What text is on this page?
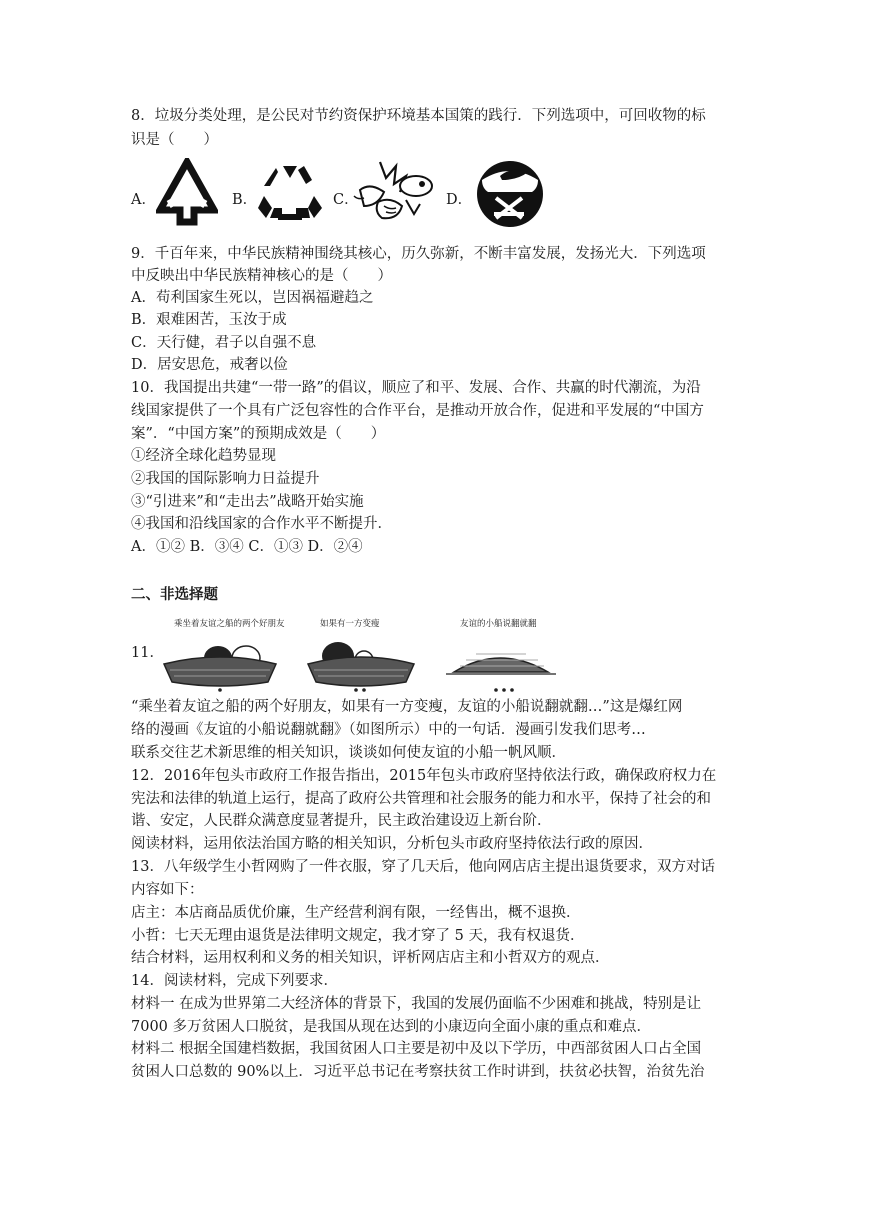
8．垃圾分类处理，是公民对节约资保护环境基本国策的践行．下列选项中，可回收物的标
识是（　　）
A．	B．	C．	D．
9．千百年来，中华民族精神围绕其核心，历久弥新，不断丰富发展，发扬光大．下列选项
中反映出中华民族精神核心的是（　　）
A．苟利国家生死以，岂因祸福避趋之
B．艰难困苦，玉汝于成
C．天行健，君子以自强不息
D．居安思危，戒奢以俭
10．我国提出共建“一带一路”的倡议，顺应了和平、发展、合作、共赢的时代潮流，为沿
线国家提供了一个具有广泛包容性的合作平台，是推动开放合作，促进和平发展的“中国方
案”．“中国方案”的预期成效是（　　）
①经济全球化趋势显现
②我国的国际影响力日益提升
③“引进来”和“走出去”战略开始实施
④我国和沿线国家的合作水平不断提升．
A．①② B．③④ C．①③ D．②④
二、非选择题
11．
乘坐着友谊之船的两个好朋友	如果有一方变瘦	友谊的小船说翻就翻
“乘坐着友谊之船的两个好朋友，如果有一方变瘦，友谊的小船说翻就翻…”这是爆红网
络的漫画《友谊的小船说翻就翻》（如图所示）中的一句话．漫画引发我们思考…
联系交往艺术新思维的相关知识，谈谈如何使友谊的小船一帆风顺．
12．2016年包头市政府工作报告指出，2015年包头市政府坚持依法行政，确保政府权力在
宪法和法律的轨道上运行，提高了政府公共管理和社会服务的能力和水平，保持了社会的和
谐、安定，人民群众满意度显著提升，民主政治建设迈上新台阶．
阅读材料，运用依法治国方略的相关知识，分析包头市政府坚持依法行政的原因．
13．八年级学生小哲网购了一件衣服，穿了几天后，他向网店店主提出退货要求，双方对话
内容如下：
店主：本店商品质优价廉，生产经营利润有限，一经售出，概不退换．
小哲：七天无理由退货是法律明文规定，我才穿了 5 天，我有权退货．
结合材料，运用权利和义务的相关知识，评析网店店主和小哲双方的观点．
14．阅读材料，完成下列要求．
材料一 在成为世界第二大经济体的背景下，我国的发展仍面临不少困难和挑战，特别是让
7000 多万贫困人口脱贫，是我国从现在达到的小康迈向全面小康的重点和难点．
材料二 根据全国建档数据，我国贫困人口主要是初中及以下学历，中西部贫困人口占全国
贫困人口总数的 90%以上．习近平总书记在考察扶贫工作时讲到，扶贫必扶智，治贫先治
